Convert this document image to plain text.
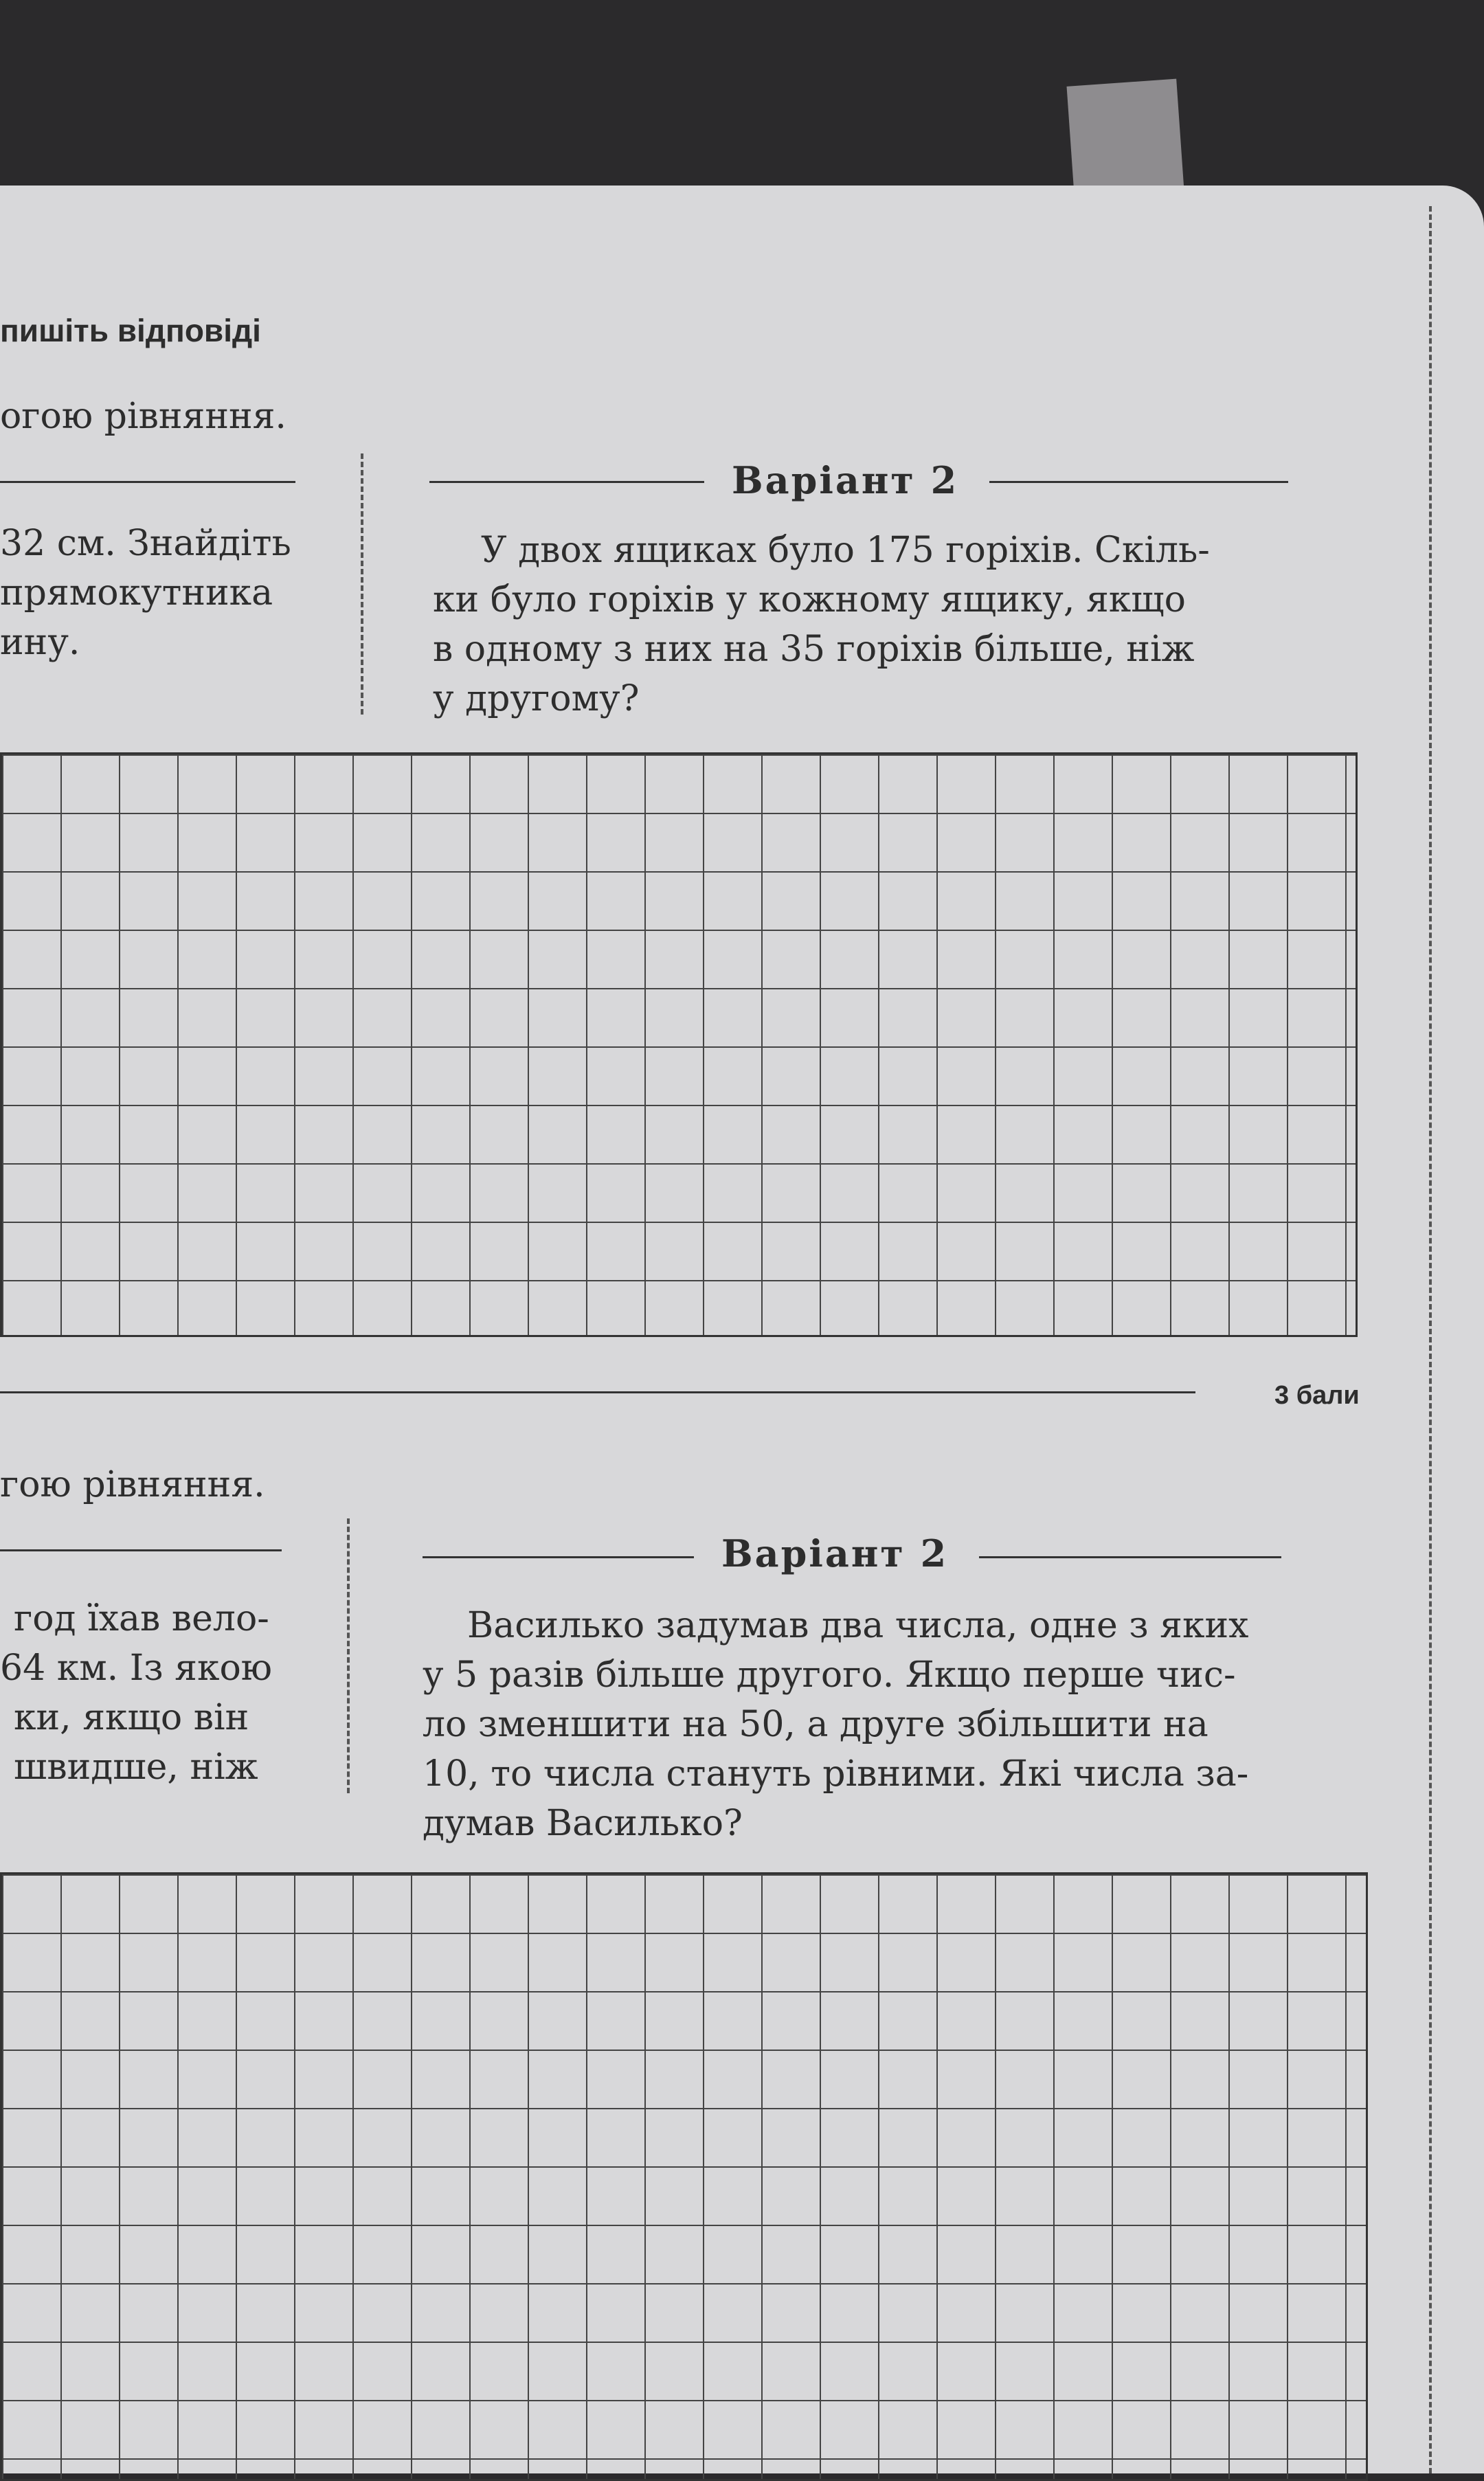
пишіть відповіді
огою рівняння.
32 см. Знайдіть
прямокутника
ину.
Варіант 2
У двох ящиках було 175 горіхів. Скіль-
ки було горіхів у кожному ящику, якщо
в одному з них на 35 горіхів більше, ніж
у другому?
3 бали
гою рівняння.
год їхав вело-
64 км. Із якою
ки, якщо він
швидше, ніж
Варіант 2
Василько задумав два числа, одне з яких
у 5 разів більше другого. Якщо перше чис-
ло зменшити на 50, а друге збільшити на
10, то числа стануть рівними. Які числа за-
думав Василько?
